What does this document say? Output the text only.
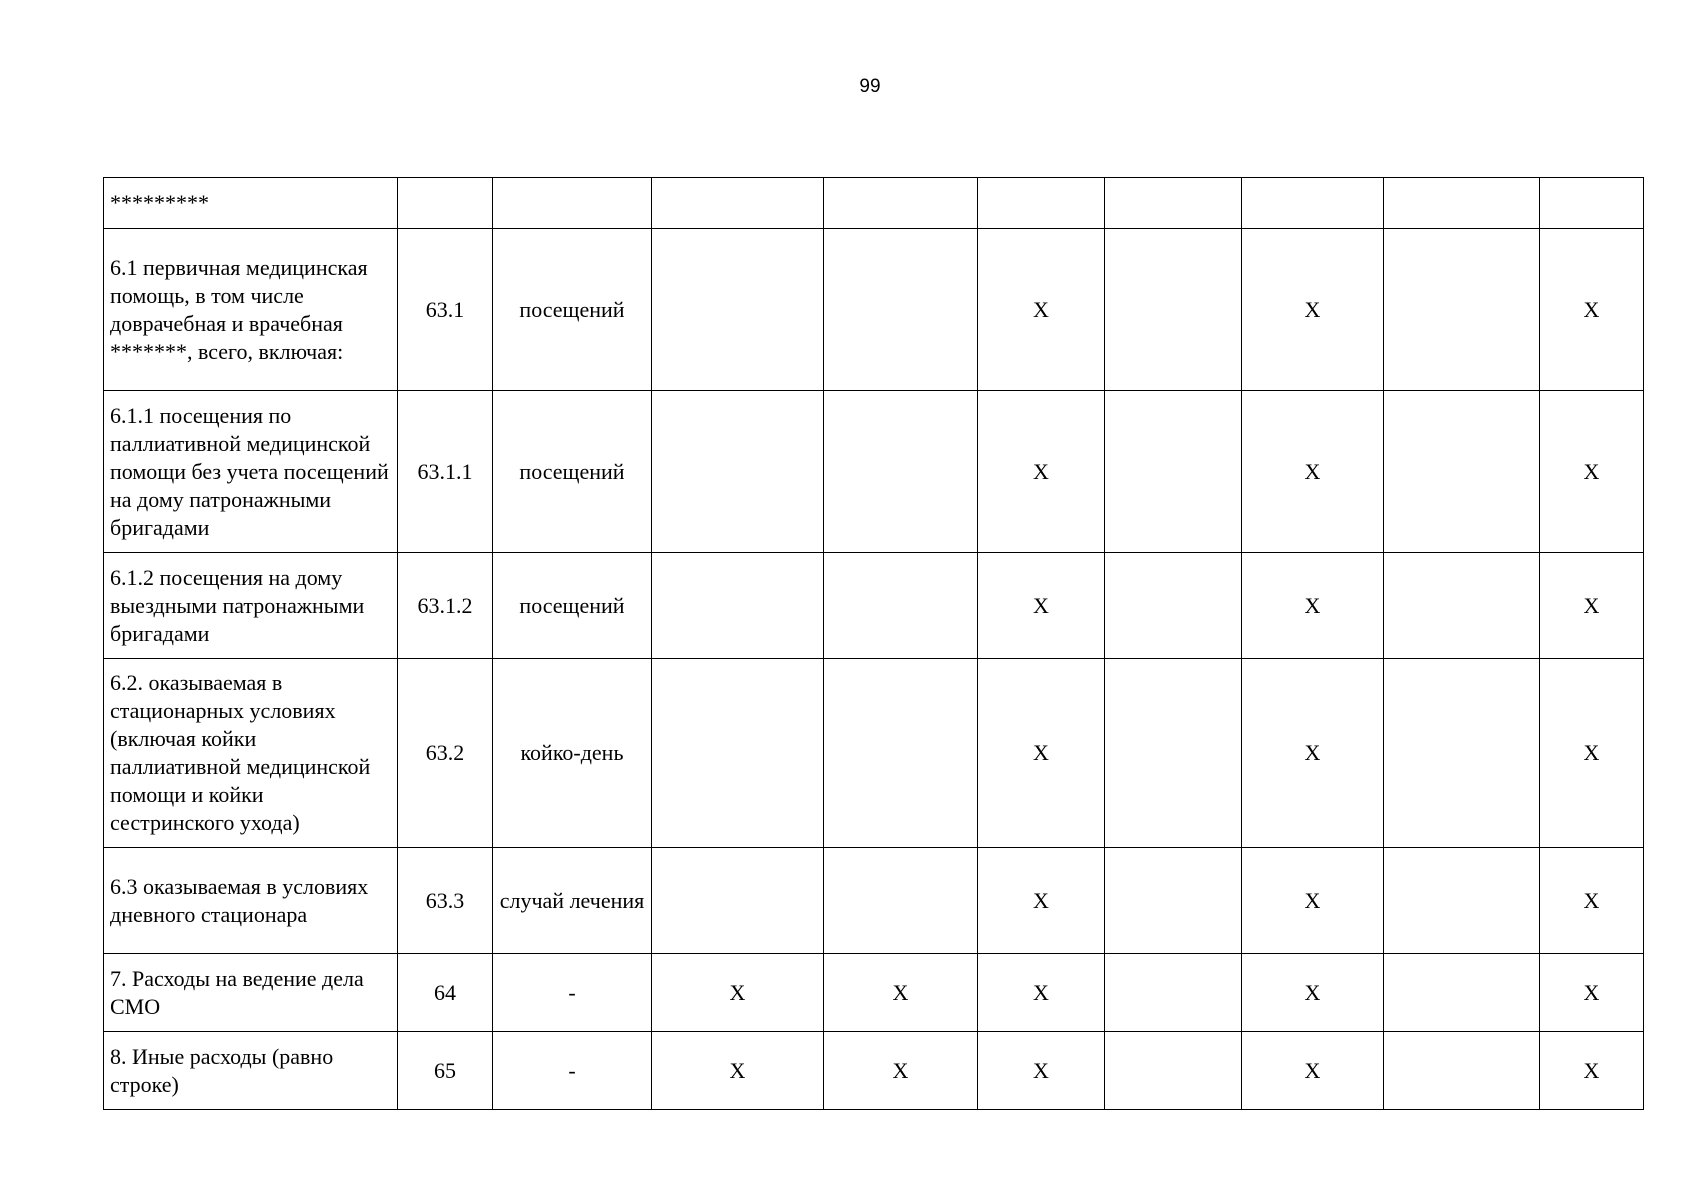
99
*********									
6.1 первичная медицинская помощь, в том числе доврачебная и врачебная *******, всего, включая:	63.1	посещений			X		X		X
6.1.1 посещения по паллиативной медицинской помощи без учета посещений на дому патронажными бригадами	63.1.1	посещений			X		X		X
6.1.2 посещения на дому выездными патронажными бригадами	63.1.2	посещений			X		X		X
6.2. оказываемая в стационарных условиях (включая койки паллиативной медицинской помощи и койки сестринского ухода)	63.2	койко-день			X		X		X
6.3 оказываемая в условиях дневного стационара	63.3	случай лечения			X		X		X
7. Расходы на ведение дела СМО	64	-	X	X	X		X		X
8. Иные расходы (равно строке)	65	-	X	X	X		X		X
